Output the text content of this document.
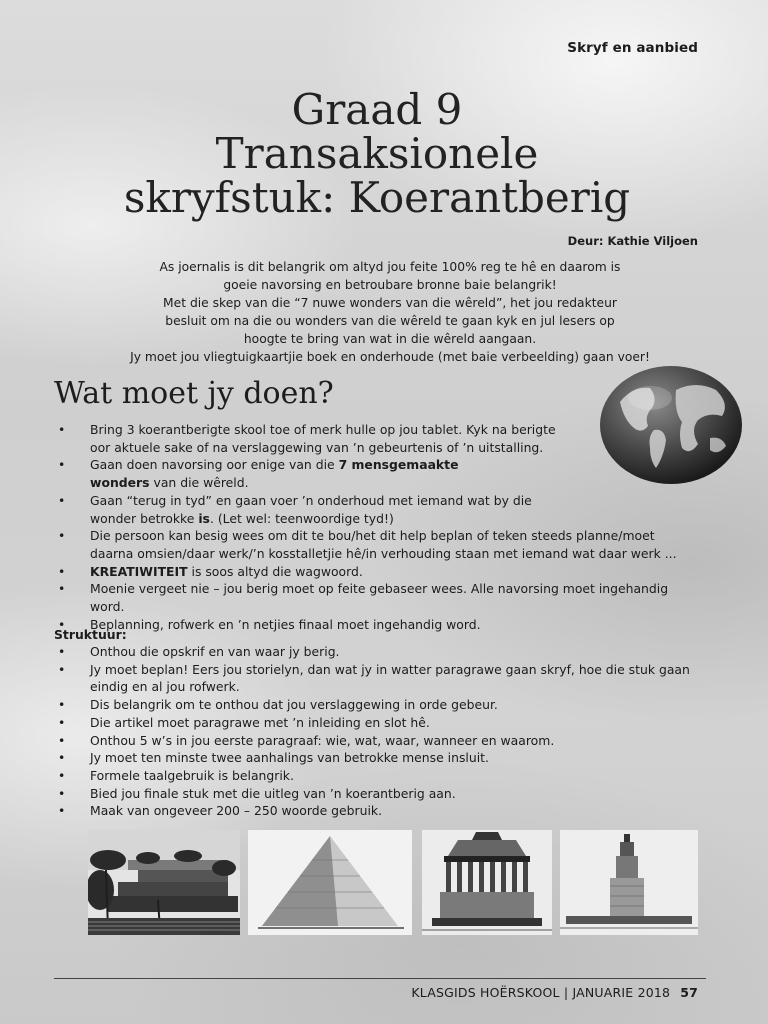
Skryf en aanbied
Graad 9
Transaksionele
skryfstuk: Koerantberig
Deur: Kathie Viljoen
As joernalis is dit belangrik om altyd jou feite 100% reg te hê en daarom is
goeie navorsing en betroubare bronne baie belangrik!
Met die skep van die “7 nuwe wonders van die wêreld”, het jou redakteur
besluit om na die ou wonders van die wêreld te gaan kyk en jul lesers op
hoogte te bring van wat in die wêreld aangaan.
Jy moet jou vliegtuigkaartjie boek en onderhoude (met baie verbeelding) gaan voer!
Wat moet jy doen?
• Bring 3 koerantberigte skool toe of merk hulle op jou tablet. Kyk na berigte
oor aktuele sake of na verslaggewing van ’n gebeurtenis of ’n uitstalling.
• Gaan doen navorsing oor enige van die 7 mensgemaakte
wonders van die wêreld.
• Gaan “terug in tyd” en gaan voer ’n onderhoud met iemand wat by die
wonder betrokke is. (Let wel: teenwoordige tyd!)
• Die persoon kan besig wees om dit te bou/het dit help beplan of teken steeds planne/moet
daarna omsien/daar werk/’n kosstalletjie hê/in verhouding staan met iemand wat daar werk ...
• KREATIWITEIT is soos altyd die wagwoord.
• Moenie vergeet nie – jou berig moet op feite gebaseer wees. Alle navorsing moet ingehandig word.
• Beplanning, rofwerk en ’n netjies finaal moet ingehandig word.
Struktuur:
• Onthou die opskrif en van waar jy berig.
• Jy moet beplan! Eers jou storielyn, dan wat jy in watter paragrawe gaan skryf, hoe die stuk gaan
eindig en al jou rofwerk.
• Dis belangrik om te onthou dat jou verslaggewing in orde gebeur.
• Die artikel moet paragrawe met ’n inleiding en slot hê.
• Onthou 5 w’s in jou eerste paragraaf: wie, wat, waar, wanneer en waarom.
• Jy moet ten minste twee aanhalings van betrokke mense insluit.
• Formele taalgebruik is belangrik.
• Bied jou finale stuk met die uitleg van ’n koerantberig aan.
• Maak van ongeveer 200 – 250 woorde gebruik.
KLASGIDS HOËRSKOOL | JANUARIE 2018 57
